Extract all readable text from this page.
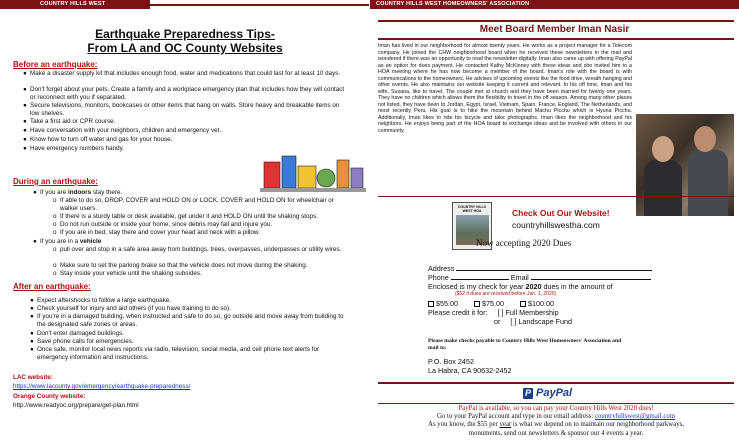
COUNTRY HILLS WEST HOMEOWNERS' ASSOCIATION
Earthquake Preparedness Tips-
From LA and OC County Websites
Before an earthquake:
● Make a disaster supply kit that includes enough food, water and medications that could last for at least 10 days.
● Don't forget about your pets. Create a family and a workplace emergency plan that includes how they will contact or reconnect with you if separated.
● Secure televisions, monitors, bookcases or other items that hang on walls. Store heavy and breakable items on low shelves.
● Take a first aid or CPR course.
● Have conversation with your neighbors, children and emergency vet.
● Know how to turn off water and gas for your house.
● Have emergency numbers handy.
During an earthquake:
● If you are indoors stay there.
o If able to do so, DROP, COVER and HOLD ON or LOCK, COVER and HOLD ON for wheelchair or walker users.
o If there is a sturdy table or desk available, get under it and HOLD ON until the shaking stops.
o Do not run outside or inside your home, since debris may fall and injure you.
o If you are in bed, stay there and cover your head and neck with a pillow.
● If you are in a vehicle
o pull over and stop in a safe area away from buildings, trees, overpasses, underpasses or utility wires.
o Make sure to set the parking brake so that the vehicle does not move during the shaking.
o Stay inside your vehicle until the shaking subsides.
After an earthquake:
● Expect aftershocks to follow a large earthquake.
● Check yourself for injury and aid others (if you have training to do so).
● If you're in a damaged building, when instructed and safe to do so, go outside and move away from building to the designated safe zones or areas.
● Don't enter damaged buildings.
● Save phone calls for emergencies.
● Once safe, monitor local news reports via radio, television, social media, and cell phone text alerts for emergency information and instructions.
LAC website:
https://www.lacounty.gov/emergency/earthquake-preparedness/
Orange County website:
http://www.readyoc.org/prepare/get-plan.html
COUNTRY HILLS WEST HOMEOWNERS' ASSOCIATION
Meet Board Member Iman Nasir
Iman has lived in our neighborhood for almost twenty years. He works as a project manager for a Telecom company. He joined the CHW neighborhood board when he received these newsletters in the mail and wondered if there was an opportunity to read the newsletter digitally. Iman also came up with offering PayPal as an option for dues payment. He contacted Kathy McKinney with these ideas and she invited him to a HOA meeting where he has now become a member of the board. Iman's role with the board is with communications to the homeowners. He advises of upcoming events like the food drive, wreath hanging and other events. He also maintains our website keeping it current and relevant. In his off time, Iman and his wife, Susana, like to travel. The couple met at church and they have been married for twenty one years. They have no children which allows them the flexibility to travel in the off season. Among many other places not listed, they have been to Jordan, Egypt, Israel, Vietnam, Spain, France, England, The Netherlands, and most recently Peru. His goal is to hike the mountain behind Machu Picchu which is Hyuna Picchu. Additionally, Iman likes to ride his bicycle and take photographs. Iman likes the neighborhood and his neighbors. He enjoys being part of the HOA board to exchange ideas and be involved with others in our community.
COUNTRY HILLS WEST HOA	Check Out Our Website!
countryhillswestha.com
Now accepting 2020 Dues
Address
Phone	Email
Enclosed is my check for year 2020 dues in the amount of
($52 if dues are received before Jan. 1, 2020)
$55.00	$75.00	$100.00
Please credit it for: [ ] Full Membership
or [ ] Landscape Fund
Please make checks payable to Country Hills West Homeowners' Association and mail to:
P.O. Box 2452
La Habra, CA 90632-2452
P PayPal
PayPal is available, so you can pay your Country Hills West 2020 dues!
Go to your PayPal account and type in our email address: countryhillswest@gmail.com
As you know, the $55 per year is what we depend on to maintain our neighborhood parkways,
monuments, send out newsletters & sponsor our 4 events a year.
